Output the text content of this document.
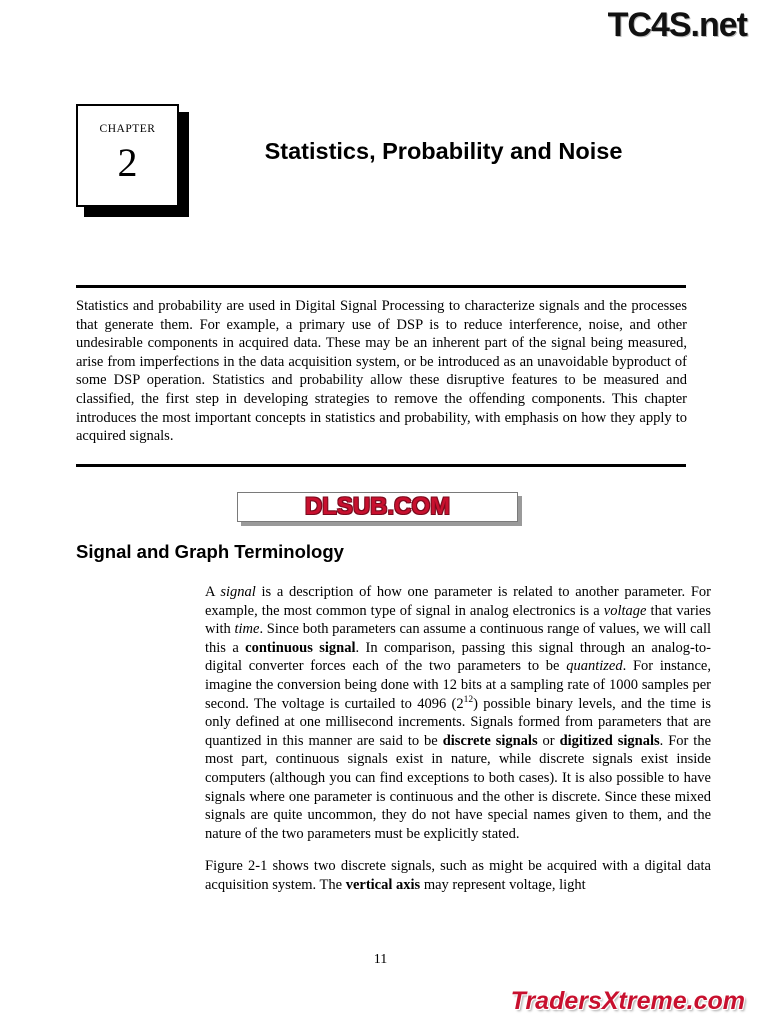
TC4S.net
CHAPTER
2	Statistics, Probability and Noise
Statistics and probability are used in Digital Signal Processing to characterize signals and the processes that generate them. For example, a primary use of DSP is to reduce interference, noise, and other undesirable components in acquired data. These may be an inherent part of the signal being measured, arise from imperfections in the data acquisition system, or be introduced as an unavoidable byproduct of some DSP operation. Statistics and probability allow these disruptive features to be measured and classified, the first step in developing strategies to remove the offending components. This chapter introduces the most important concepts in statistics and probability, with emphasis on how they apply to acquired signals.
DLSUB.COM
Signal and Graph Terminology

A signal is a description of how one parameter is related to another parameter. For example, the most common type of signal in analog electronics is a voltage that varies with time. Since both parameters can assume a continuous range of values, we will call this a continuous signal. In comparison, passing this signal through an analog-to-digital converter forces each of the two parameters to be quantized. For instance, imagine the conversion being done with 12 bits at a sampling rate of 1000 samples per second. The voltage is curtailed to 4096 $(2^{12})$ possible binary levels, and the time is only defined at one millisecond increments. Signals formed from parameters that are quantized in this manner are said to be discrete signals or digitized signals. For the most part, continuous signals exist in nature, while discrete signals exist inside computers (although you can find exceptions to both cases). It is also possible to have signals where one parameter is continuous and the other is discrete. Since these mixed signals are quite uncommon, they do not have special names given to them, and the nature of the two parameters must be explicitly stated.

Figure 2-1 shows two discrete signals, such as might be acquired with a digital data acquisition system. The vertical axis may represent voltage, light

11
TradersXtreme.com
